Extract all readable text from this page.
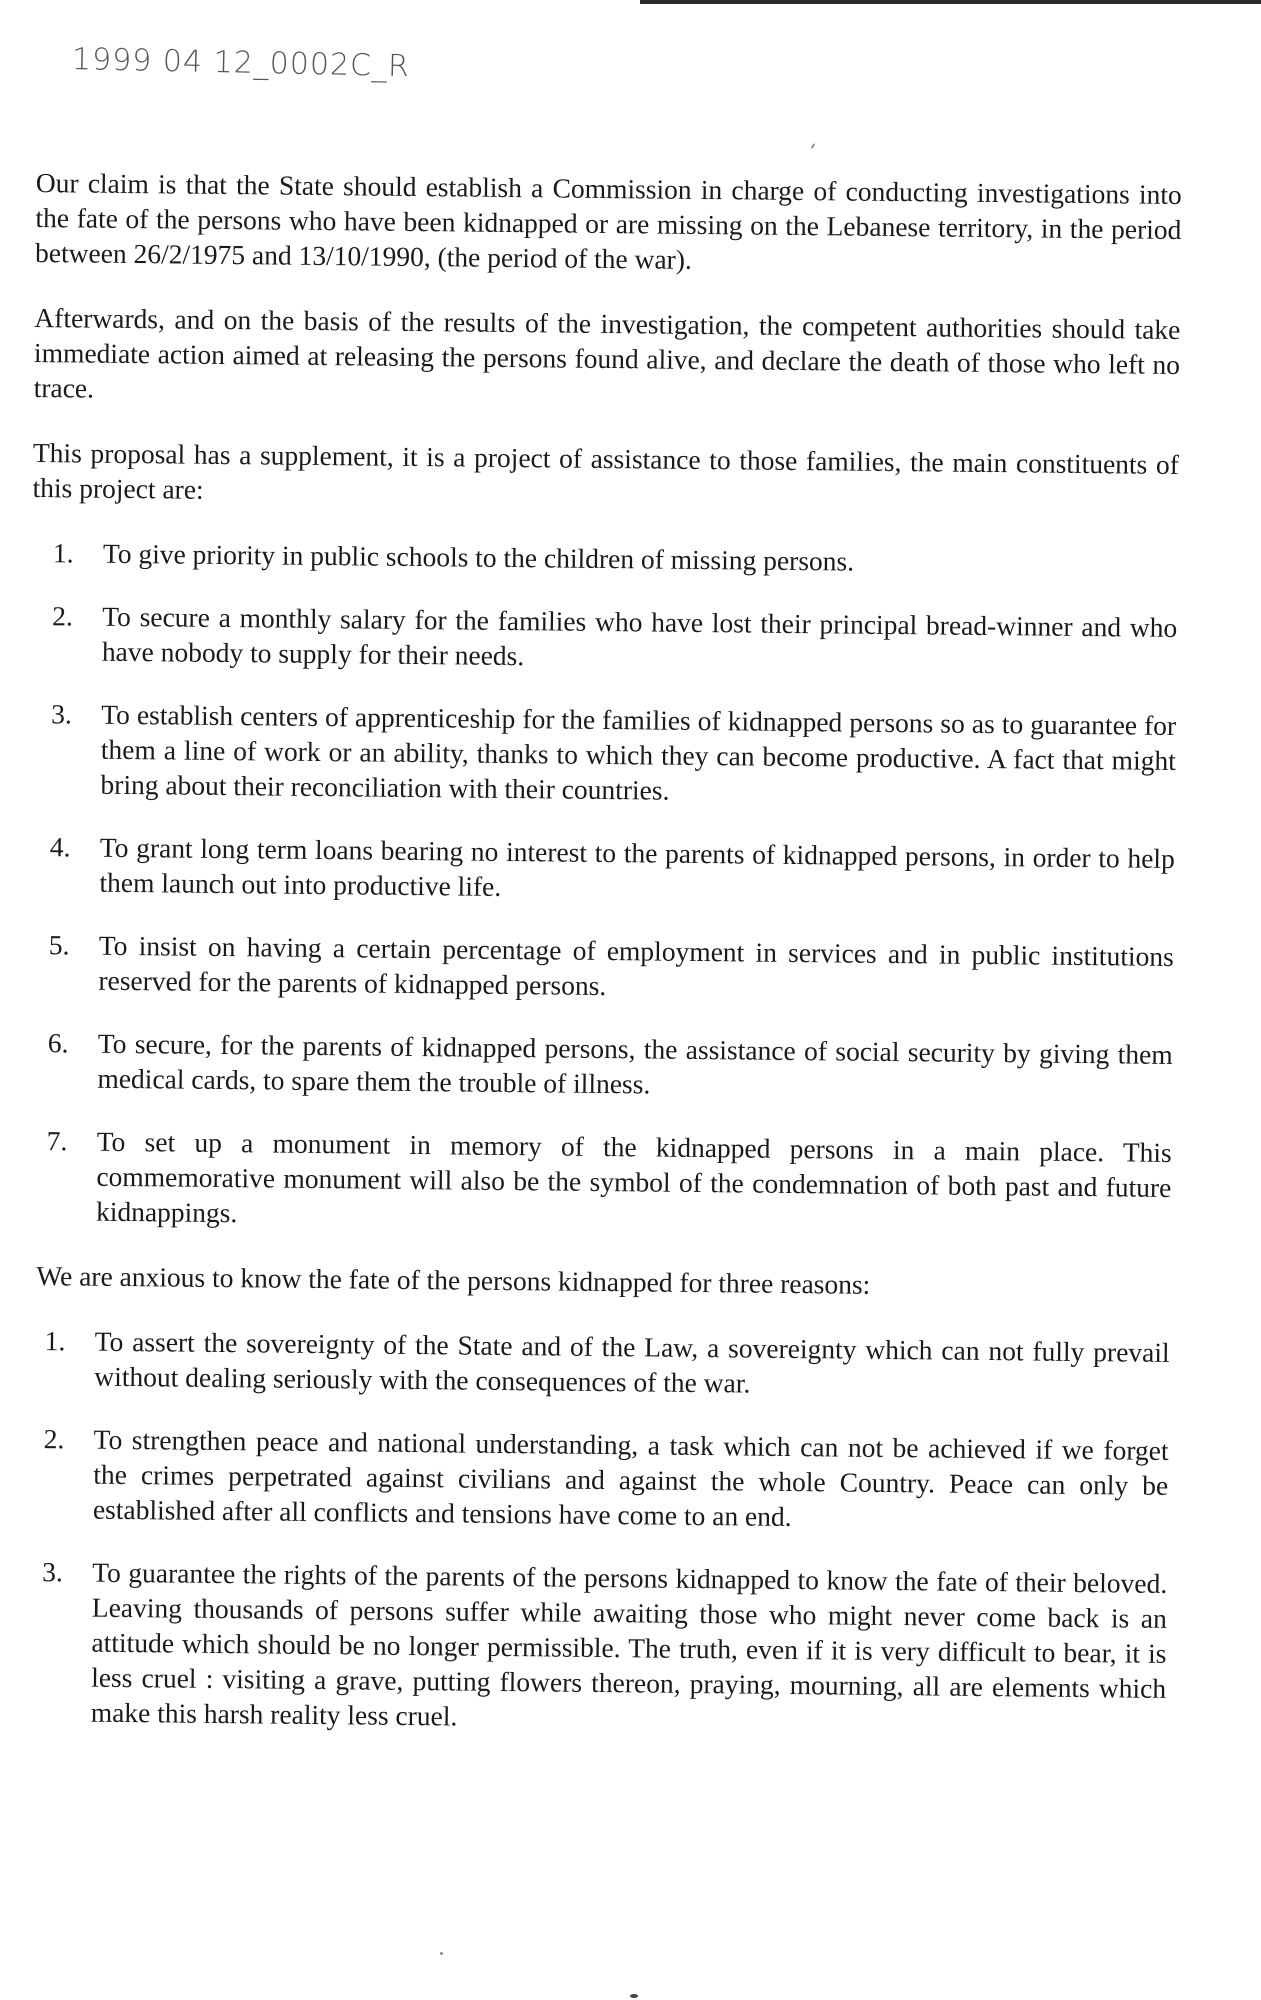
1999 04 12_0002C_R

Our claim is that the State should establish a Commission in charge of conducting investigations into the fate of the persons who have been kidnapped or are missing on the Lebanese territory, in the period between 26/2/1975 and 13/10/1990, (the period of the war).

Afterwards, and on the basis of the results of the investigation, the competent authorities should take immediate action aimed at releasing the persons found alive, and declare the death of those who left no trace.

This proposal has a supplement, it is a project of assistance to those families, the main constituents of this project are:

1. To give priority in public schools to the children of missing persons.
2. To secure a monthly salary for the families who have lost their principal bread-winner and who have nobody to supply for their needs.
3. To establish centers of apprenticeship for the families of kidnapped persons so as to guarantee for them a line of work or an ability, thanks to which they can become productive. A fact that might bring about their reconciliation with their countries.
4. To grant long term loans bearing no interest to the parents of kidnapped persons, in order to help them launch out into productive life.
5. To insist on having a certain percentage of employment in services and in public institutions reserved for the parents of kidnapped persons.
6. To secure, for the parents of kidnapped persons, the assistance of social security by giving them medical cards, to spare them the trouble of illness.
7. To set up a monument in memory of the kidnapped persons in a main place. This commemorative monument will also be the symbol of the condemnation of both past and future kidnappings.

We are anxious to know the fate of the persons kidnapped for three reasons:

1. To assert the sovereignty of the State and of the Law, a sovereignty which can not fully prevail without dealing seriously with the consequences of the war.
2. To strengthen peace and national understanding, a task which can not be achieved if we forget the crimes perpetrated against civilians and against the whole Country. Peace can only be established after all conflicts and tensions have come to an end.
3. To guarantee the rights of the parents of the persons kidnapped to know the fate of their beloved. Leaving thousands of persons suffer while awaiting those who might never come back is an attitude which should be no longer permissible. The truth, even if it is very difficult to bear, it is less cruel : visiting a grave, putting flowers thereon, praying, mourning, all are elements which make this harsh reality less cruel.
